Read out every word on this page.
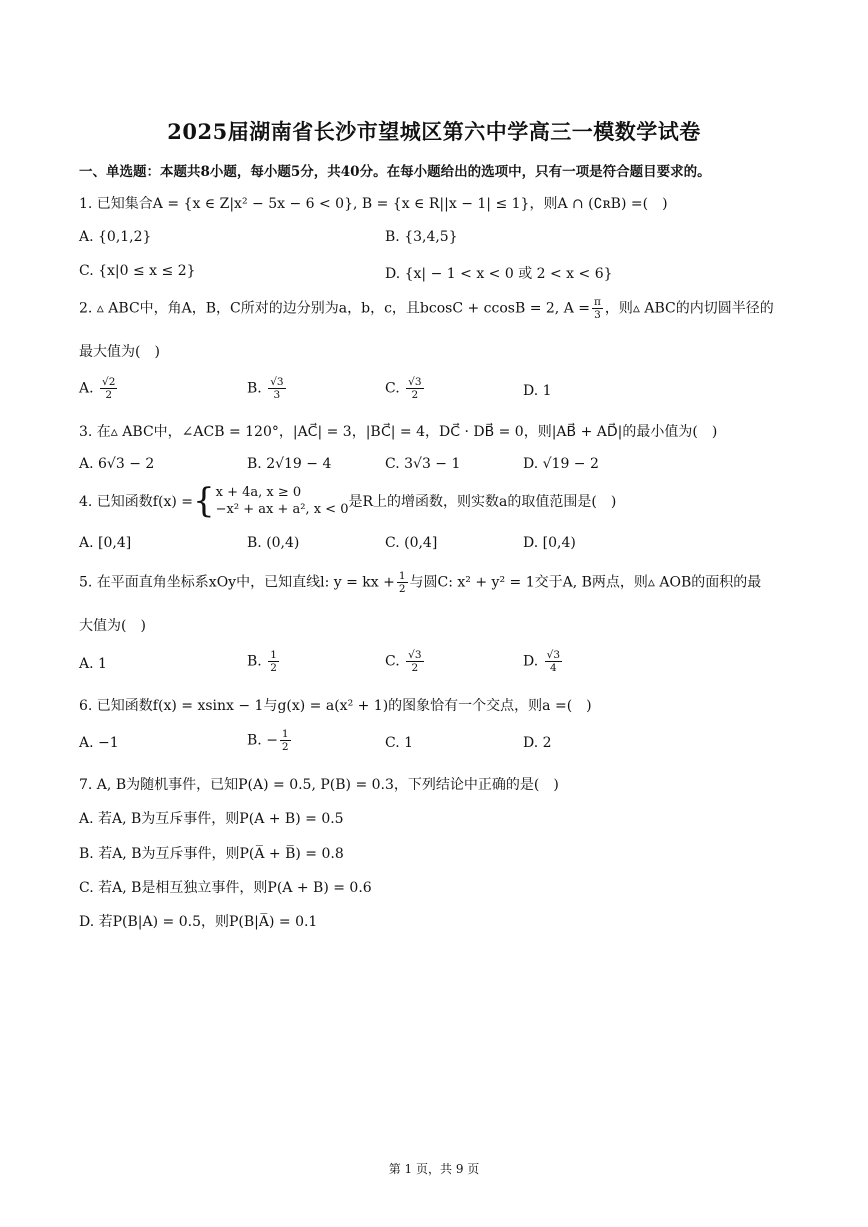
2025届湖南省长沙市望城区第六中学高三一模数学试卷
一、单选题：本题共8小题，每小题5分，共40分。在每小题给出的选项中，只有一项是符合题目要求的。
1. 已知集合A = {x ∈ Z|x² − 5x − 6 < 0}, B = {x ∈ R||x − 1| ≤ 1}，则A ∩ (∁ʀB) =(　)
A. {0,1,2}	B. {3,4,5}
C. {x|0 ≤ x ≤ 2}	D. {x| − 1 < x < 0 或 2 < x < 6}
2. ▵ ABC中，角A，B，C所对的边分别为a，b，c，且bcosC + ccosB = 2, $A = \frac{\pi}{3}$ ，则▵ ABC的内切圆半径的
最大值为(　)
A. $\frac{√2}{2}$	B. $\frac{√3}{3}$	C. $\frac{√3}{2}$	D. 1
3. 在▵ ABC中，∠ACB = 120°，|AC⃗| = 3，|BC⃗| = 4，DC⃗ · DB⃗ = 0，则|AB⃗ + AD⃗|的最小值为(　)
A. 6√3 − 2	B. 2√19 − 4	C. 3√3 − 1	D. √19 − 2
4. 已知函数f(x) = { x + 4a, x ≥ 0
−x² + ax + a², x < 0 是R上的增函数，则实数a的取值范围是(　)
A. [0,4]	B. (0,4)	C. (0,4]	D. [0,4)
5. 在平面直角坐标系xOy中，已知直线l: y = kx + $\frac{1}{2}$ 与圆C: x² + y² = 1交于A, B两点，则▵ AOB的面积的最
大值为(　)
A. 1	B. $\frac{1}{2}$	C. $\frac{√3}{2}$	D. $\frac{√3}{4}$
6. 已知函数f(x) = xsinx − 1与g(x) = a(x² + 1)的图象恰有一个交点，则a =(　)
A. −1	B. − $\frac{1}{2}$	C. 1	D. 2
7. A, B为随机事件，已知P(A) = 0.5, P(B) = 0.3，下列结论中正确的是(　)
A. 若A, B为互斥事件，则P(A + B) = 0.5
B. 若A, B为互斥事件，则P(A̅ + B̅) = 0.8
C. 若A, B是相互独立事件，则P(A + B) = 0.6
D. 若P(B|A) = 0.5，则P(B|A̅) = 0.1
第 1 页，共 9 页
